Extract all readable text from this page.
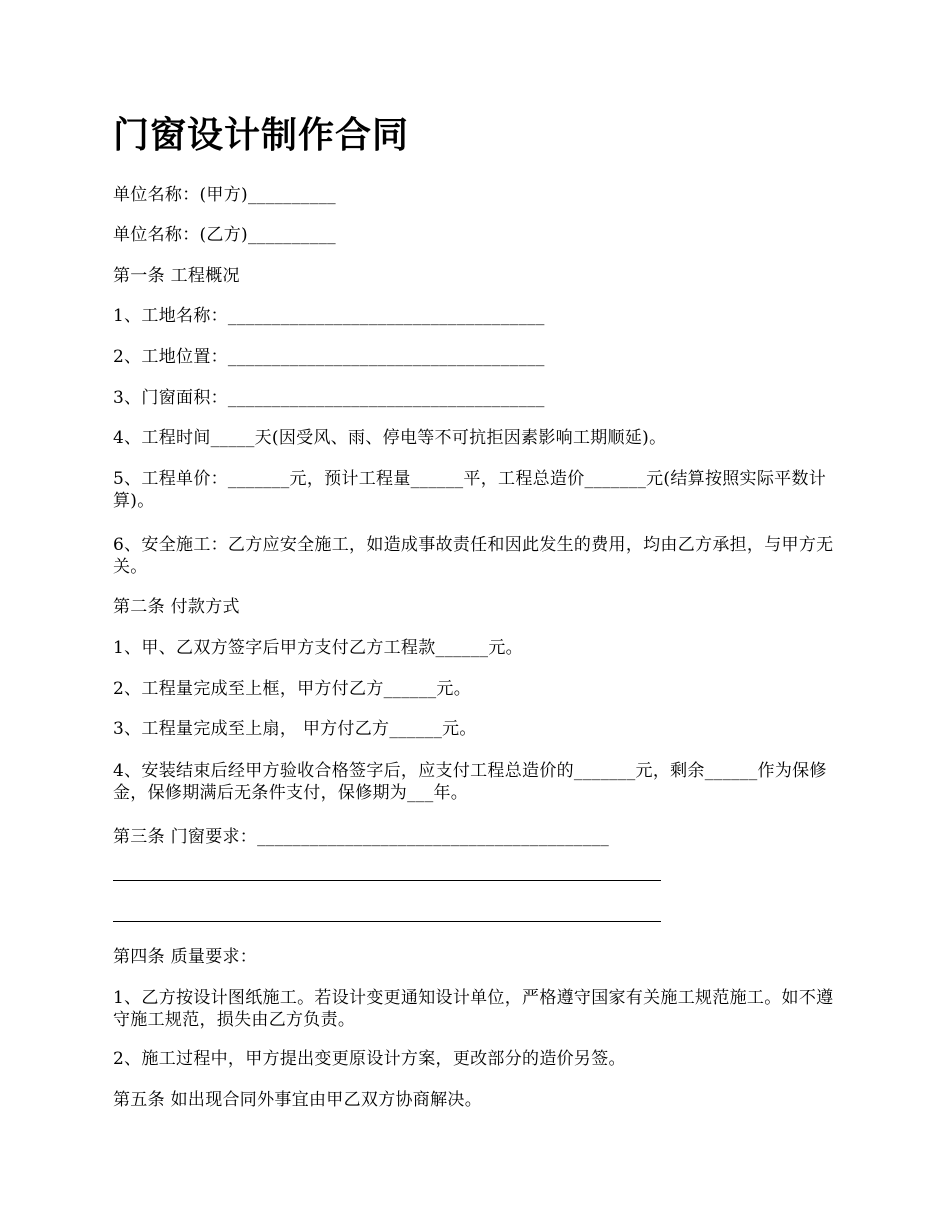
门窗设计制作合同

单位名称：(甲方)__________

单位名称：(乙方)__________

第一条 工程概况

1、工地名称：____________________________________

2、工地位置：____________________________________

3、门窗面积：____________________________________

4、工程时间_____天(因受风、雨、停电等不可抗拒因素影响工期顺延)。

5、工程单价：_______元，预计工程量______平，工程总造价_______元(结算按照实际平数计算)。

6、安全施工：乙方应安全施工，如造成事故责任和因此发生的费用，均由乙方承担，与甲方无关。

第二条 付款方式

1、甲、乙双方签字后甲方支付乙方工程款______元。

2、工程量完成至上框，甲方付乙方______元。

3、工程量完成至上扇， 甲方付乙方______元。

4、安装结束后经甲方验收合格签字后，应支付工程总造价的_______元，剩余______作为保修金，保修期满后无条件支付，保修期为___年。

第三条 门窗要求：________________________________________

第四条 质量要求：

1、乙方按设计图纸施工。若设计变更通知设计单位，严格遵守国家有关施工规范施工。如不遵守施工规范，损失由乙方负责。

2、施工过程中，甲方提出变更原设计方案，更改部分的造价另签。

第五条 如出现合同外事宜由甲乙双方协商解决。
